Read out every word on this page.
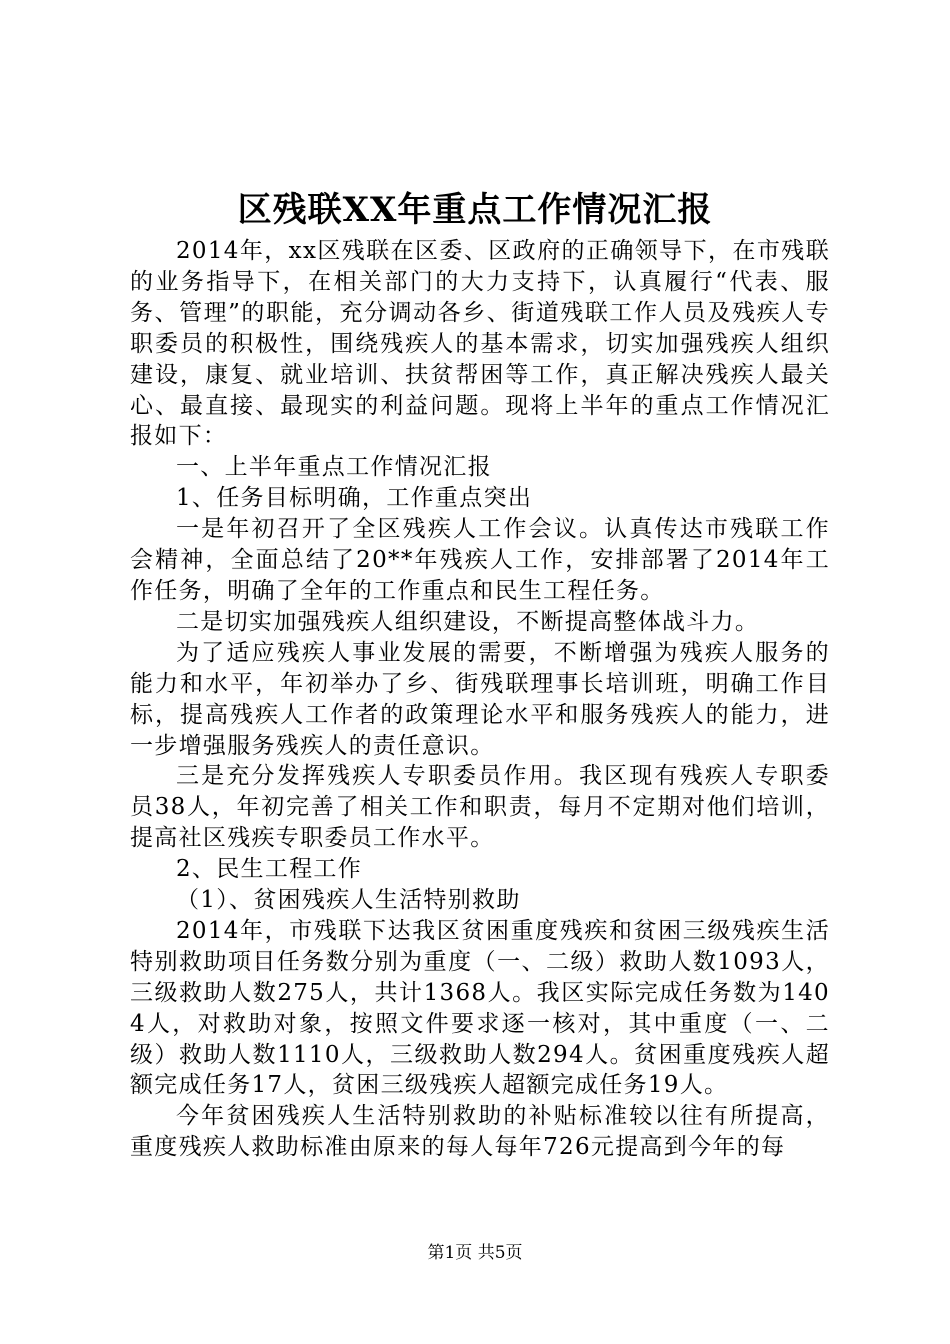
区残联XX年重点工作情况汇报

2014年，xx区残联在区委、区政府的正确领导下，在市残联的业务指导下，在相关部门的大力支持下，认真履行“代表、服务、管理”的职能，充分调动各乡、街道残联工作人员及残疾人专职委员的积极性，围绕残疾人的基本需求，切实加强残疾人组织建设，康复、就业培训、扶贫帮困等工作，真正解决残疾人最关心、最直接、最现实的利益问题。现将上半年的重点工作情况汇报如下：

一、上半年重点工作情况汇报

1、任务目标明确，工作重点突出

一是年初召开了全区残疾人工作会议。认真传达市残联工作会精神，全面总结了20**年残疾人工作，安排部署了2014年工作任务，明确了全年的工作重点和民生工程任务。

二是切实加强残疾人组织建设，不断提高整体战斗力。

为了适应残疾人事业发展的需要，不断增强为残疾人服务的能力和水平，年初举办了乡、街残联理事长培训班，明确工作目标，提高残疾人工作者的政策理论水平和服务残疾人的能力，进一步增强服务残疾人的责任意识。

三是充分发挥残疾人专职委员作用。我区现有残疾人专职委员38人，年初完善了相关工作和职责，每月不定期对他们培训，提高社区残疾专职委员工作水平。

2、民生工程工作

（1）、贫困残疾人生活特别救助

2014年，市残联下达我区贫困重度残疾和贫困三级残疾生活特别救助项目任务数分别为重度（一、二级）救助人数1093人，三级救助人数275人，共计1368人。我区实际完成任务数为1404人，对救助对象，按照文件要求逐一核对，其中重度（一、二级）救助人数1110人，三级救助人数294人。贫困重度残疾人超额完成任务17人，贫困三级残疾人超额完成任务19人。

今年贫困残疾人生活特别救助的补贴标准较以往有所提高，重度残疾人救助标准由原来的每人每年726元提高到今年的每

第1页 共5页
